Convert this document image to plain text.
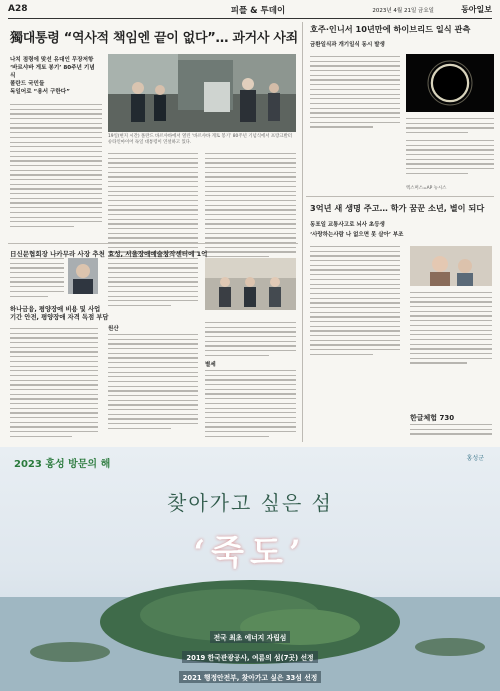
A28	피플 & 투데이	2023년 4월 21일 금요일	동아일보
獨대통령 “역사적 책임엔 끝이 없다”… 과거사 사죄
나치 점령에 맞선 유대인 무장저항
‘바르샤바 게토 봉기’ 80주년 기념식
폴란드 국민들
독일어로 “용서 구한다”
19일(현지 시간) 폴란드 바르샤바에서 열린 ‘바르샤바 게토 봉기’ 80주년 기념식에서 프랑크발터 슈타인마이어 독일 대통령이 연설하고 있다.
호주·인니서 10년만에 하이브리드 일식 관측
금환일식과 개기일식 동시 발생
엑스머스=AP 뉴시스
3억년 새 생명 주고… 학가 꿈꾼 소년, 별이 되다
동포일 교통사고로 뇌사 초등생
‘사랑하는사람 나 없으면 못 살아’ 부조
한글체험 730
日신문협회장 나카무라 사장 추천
하나금융, 평양장애 비용 및 사업
기간 안전, 평양장애 자격 독점 부담
효성, 서울장애예술창작센터에 1억

원산
별세
2023 홍성 방문의 해
홍성군
찾아가고 싶은 섬
‘죽도’
전국 최초 에너지 자립섬
2019 한국관광공사, 여름의 섬(7곳) 선정
2021 행정안전부, 찾아가고 싶은 33섬 선정
